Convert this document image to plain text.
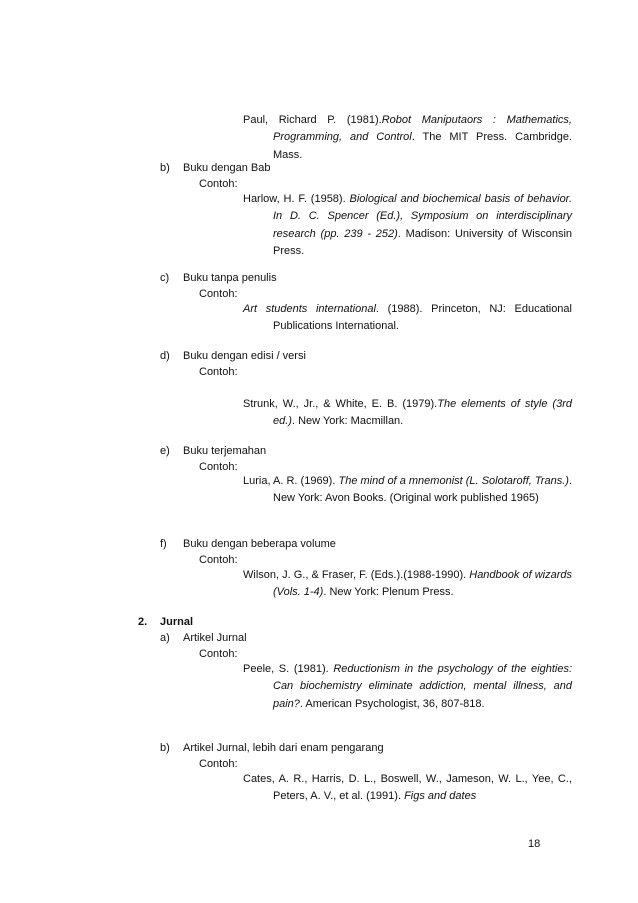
Paul, Richard P. (1981).Robot Maniputaors : Mathematics, Programming, and Control. The MIT Press. Cambridge. Mass.
b) Buku dengan Bab
Contoh:
Harlow, H. F. (1958). Biological and biochemical basis of behavior. In D. C. Spencer (Ed.), Symposium on interdisciplinary research (pp. 239 - 252). Madison: University of Wisconsin Press.
c) Buku tanpa penulis
Contoh:
Art students international. (1988). Princeton, NJ: Educational Publications International.
d) Buku dengan edisi / versi
Contoh:
Strunk, W., Jr., & White, E. B. (1979).The elements of style (3rd ed.). New York: Macmillan.
e) Buku terjemahan
Contoh:
Luria, A. R. (1969). The mind of a mnemonist (L. Solotaroff, Trans.). New York: Avon Books. (Original work published 1965)
f) Buku dengan beberapa volume
Contoh:
Wilson, J. G., & Fraser, F. (Eds.).(1988-1990). Handbook of wizards (Vols. 1-4). New York: Plenum Press.
2. Jurnal
a) Artikel Jurnal
Contoh:
Peele, S. (1981). Reductionism in the psychology of the eighties: Can biochemistry eliminate addiction, mental illness, and pain?. American Psychologist, 36, 807-818.
b) Artikel Jurnal, lebih dari enam pengarang
Contoh:
Cates, A. R., Harris, D. L., Boswell, W., Jameson, W. L., Yee, C., Peters, A. V., et al. (1991). Figs and dates
18
